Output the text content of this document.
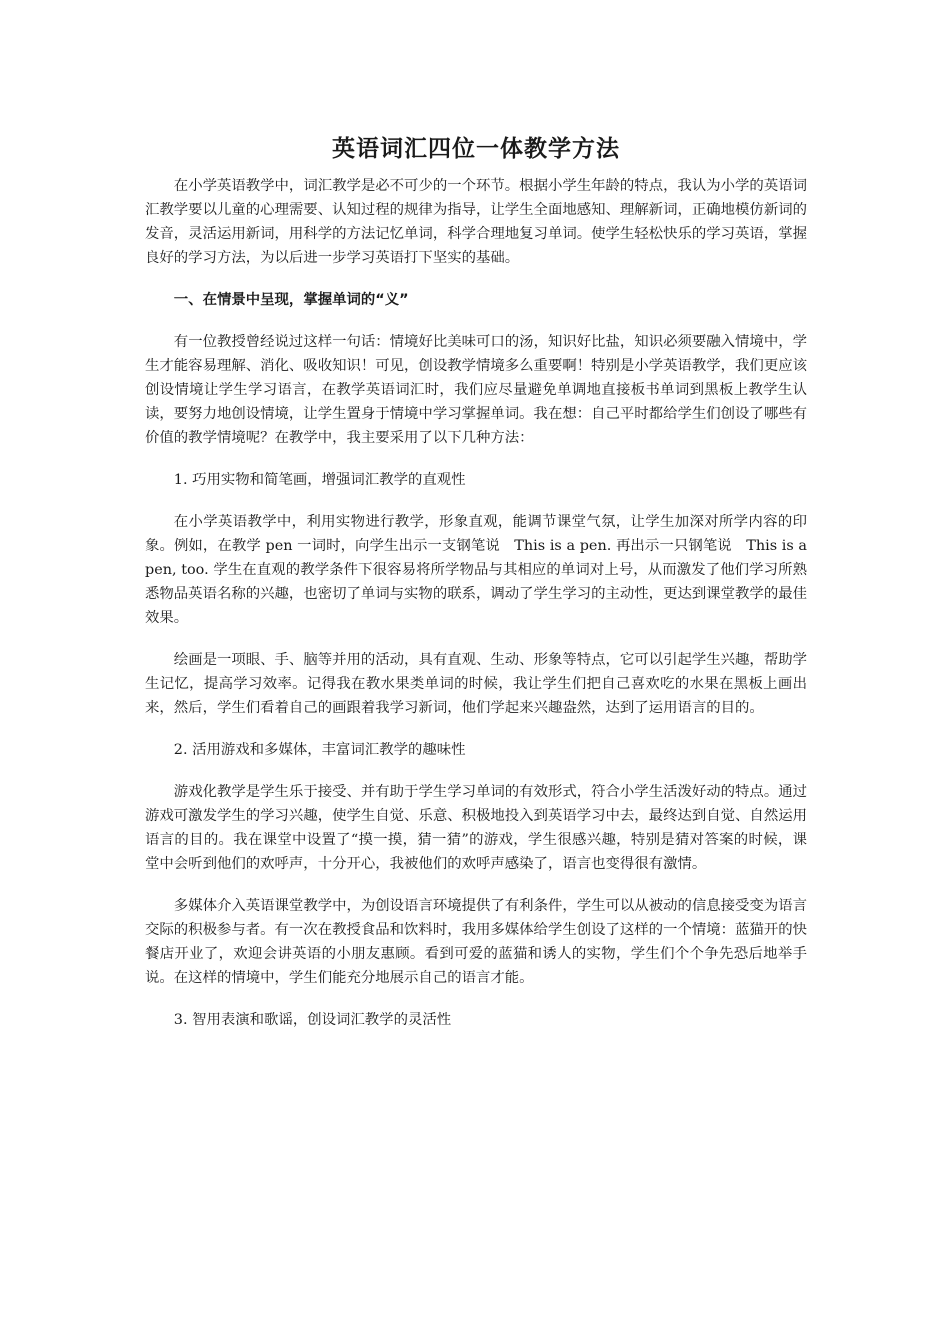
英语词汇四位一体教学方法

在小学英语教学中，词汇教学是必不可少的一个环节。根据小学生年龄的特点，我认为小学的英语词汇教学要以儿童的心理需要、认知过程的规律为指导，让学生全面地感知、理解新词，正确地模仿新词的发音，灵活运用新词，用科学的方法记忆单词，科学合理地复习单词。使学生轻松快乐的学习英语，掌握良好的学习方法，为以后进一步学习英语打下坚实的基础。

一、在情景中呈现，掌握单词的“义”

有一位教授曾经说过这样一句话：情境好比美味可口的汤，知识好比盐，知识必须要融入情境中，学生才能容易理解、消化、吸收知识！可见，创设教学情境多么重要啊！特别是小学英语教学，我们更应该创设情境让学生学习语言，在教学英语词汇时，我们应尽量避免单调地直接板书单词到黑板上教学生认读，要努力地创设情境，让学生置身于情境中学习掌握单词。我在想：自己平时都给学生们创设了哪些有价值的教学情境呢？在教学中，我主要采用了以下几种方法：

1. 巧用实物和简笔画，增强词汇教学的直观性

在小学英语教学中，利用实物进行教学，形象直观，能调节课堂气氛，让学生加深对所学内容的印象。例如，在教学 pen 一词时，向学生出示一支钢笔说　This is a pen. 再出示一只钢笔说　This is a pen, too. 学生在直观的教学条件下很容易将所学物品与其相应的单词对上号，从而激发了他们学习所熟悉物品英语名称的兴趣，也密切了单词与实物的联系，调动了学生学习的主动性，更达到课堂教学的最佳效果。

绘画是一项眼、手、脑等并用的活动，具有直观、生动、形象等特点，它可以引起学生兴趣，帮助学生记忆，提高学习效率。记得我在教水果类单词的时候，我让学生们把自己喜欢吃的水果在黑板上画出来，然后，学生们看着自己的画跟着我学习新词，他们学起来兴趣盎然，达到了运用语言的目的。

2. 活用游戏和多媒体，丰富词汇教学的趣味性

游戏化教学是学生乐于接受、并有助于学生学习单词的有效形式，符合小学生活泼好动的特点。通过游戏可激发学生的学习兴趣，使学生自觉、乐意、积极地投入到英语学习中去，最终达到自觉、自然运用语言的目的。我在课堂中设置了“摸一摸，猜一猜”的游戏，学生很感兴趣，特别是猜对答案的时候，课堂中会听到他们的欢呼声，十分开心，我被他们的欢呼声感染了，语言也变得很有激情。

多媒体介入英语课堂教学中，为创设语言环境提供了有利条件，学生可以从被动的信息接受变为语言交际的积极参与者。有一次在教授食品和饮料时，我用多媒体给学生创设了这样的一个情境：蓝猫开的快餐店开业了，欢迎会讲英语的小朋友惠顾。看到可爱的蓝猫和诱人的实物，学生们个个争先恐后地举手说。在这样的情境中，学生们能充分地展示自己的语言才能。

3. 智用表演和歌谣，创设词汇教学的灵活性
